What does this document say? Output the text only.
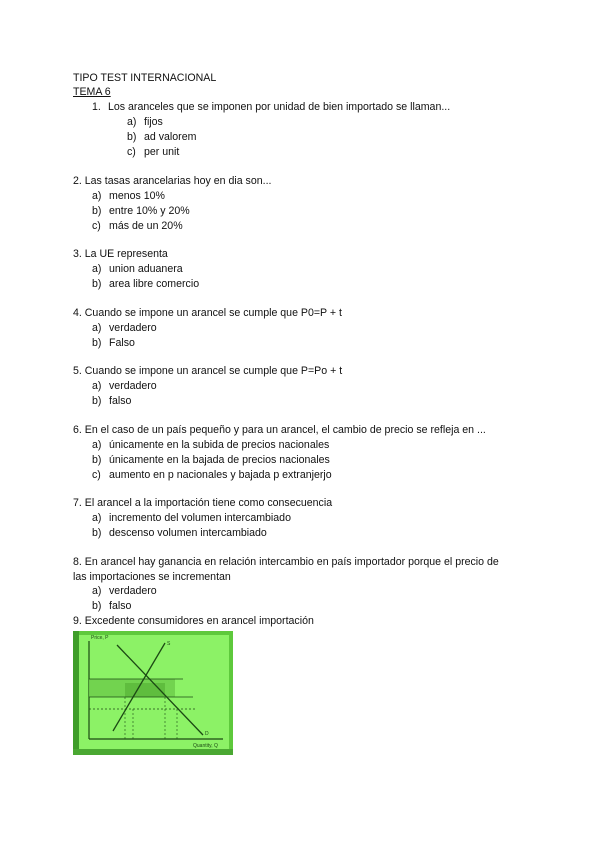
TIPO TEST INTERNACIONAL
TEMA 6
1. Los aranceles que se imponen por unidad de bien importado se llaman...
a) fijos
b) ad valorem
c) per unit
2. Las tasas arancelarias hoy en dia son...
a) menos 10%
b) entre 10% y 20%
c) más de un 20%
3. La UE representa
a) union aduanera
b) area libre comercio
4. Cuando se impone un arancel se cumple que P0=P + t
a) verdadero
b) Falso
5. Cuando se impone un arancel se cumple que P=Po + t
a) verdadero
b) falso
6. En el caso de un país pequeño y para un arancel, el cambio de precio se refleja en ...
a) únicamente en la subida de precios nacionales
b) únicamente en la bajada de precios nacionales
c) aumento en p nacionales y bajada p extranjerjo
7. El arancel a la importación tiene como consecuencia
a) incremento del volumen intercambiado
b) descenso volumen intercambiado
8. En arancel hay ganancia en relación intercambio en país importador porque el precio de
las importaciones se incrementan
a) verdadero
b) falso
9. Excedente consumidores en arancel importación
Price, P
Quantity, Q
S
D
